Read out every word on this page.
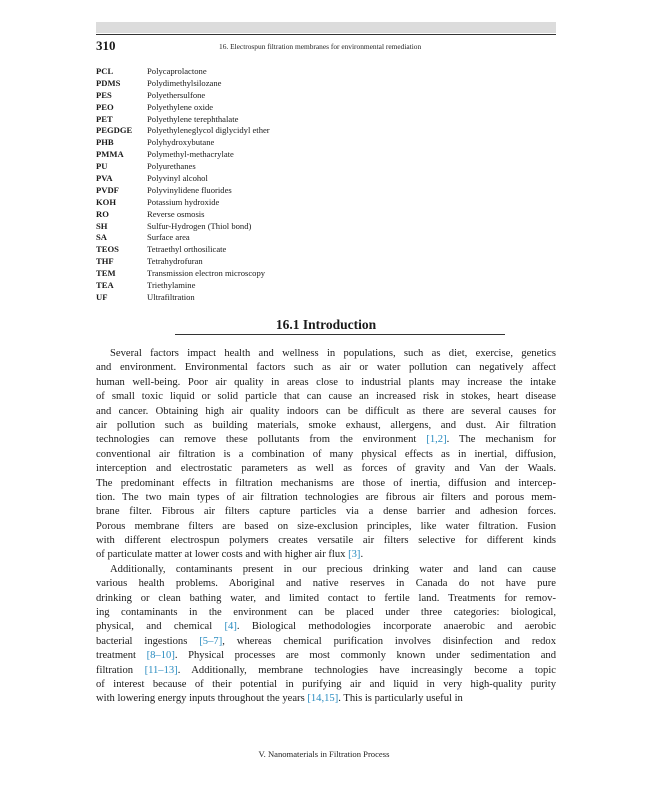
310	16. Electrospun filtration membranes for environmental remediation
PCL	Polycaprolactone
PDMS	Polydimethylsilozane
PES	Polyethersulfone
PEO	Polyethylene oxide
PET	Polyethylene terephthalate
PEGDGE Polyethyleneglycol diglycidyl ether
PHB	Polyhydroxybutane
PMMA	Polymethyl-methacrylate
PU	Polyurethanes
PVA	Polyvinyl alcohol
PVDF	Polyvinylidene fluorides
KOH	Potassium hydroxide
RO	Reverse osmosis
SH	Sulfur-Hydrogen (Thiol bond)
SA	Surface area
TEOS	Tetraethyl orthosilicate
THF	Tetrahydrofuran
TEM	Transmission electron microscopy
TEA	Triethylamine
UF	Ultrafiltration
16.1 Introduction
Several factors impact health and wellness in populations, such as diet, exercise, genetics
and environment. Environmental factors such as air or water pollution can negatively affect
human well-being. Poor air quality in areas close to industrial plants may increase the intake
of small toxic liquid or solid particle that can cause an increased risk in stokes, heart disease
and cancer. Obtaining high air quality indoors can be difficult as there are several causes for
air pollution such as building materials, smoke exhaust, allergens, and dust. Air filtration
technologies can remove these pollutants from the environment [1,2]. The mechanism for
conventional air filtration is a combination of many physical effects as in inertial, diffusion,
interception and electrostatic parameters as well as forces of gravity and Van der Waals.
The predominant effects in filtration mechanisms are those of inertia, diffusion and intercep-
tion. The two main types of air filtration technologies are fibrous air filters and porous mem-
brane filter. Fibrous air filters capture particles via a dense barrier and adhesion forces.
Porous membrane filters are based on size-exclusion principles, like water filtration. Fusion
with different electrospun polymers creates versatile air filters selective for different kinds
of particulate matter at lower costs and with higher air flux [3].
Additionally, contaminants present in our precious drinking water and land can cause
various health problems. Aboriginal and native reserves in Canada do not have pure
drinking or clean bathing water, and limited contact to fertile land. Treatments for remov-
ing contaminants in the environment can be placed under three categories: biological,
physical, and chemical [4]. Biological methodologies incorporate anaerobic and aerobic
bacterial ingestions [5–7], whereas chemical purification involves disinfection and redox
treatment [8–10]. Physical processes are most commonly known under sedimentation and
filtration [11–13]. Additionally, membrane technologies have increasingly become a topic
of interest because of their potential in purifying air and liquid in very high-quality purity
with lowering energy inputs throughout the years [14,15]. This is particularly useful in
V. Nanomaterials in Filtration Process
